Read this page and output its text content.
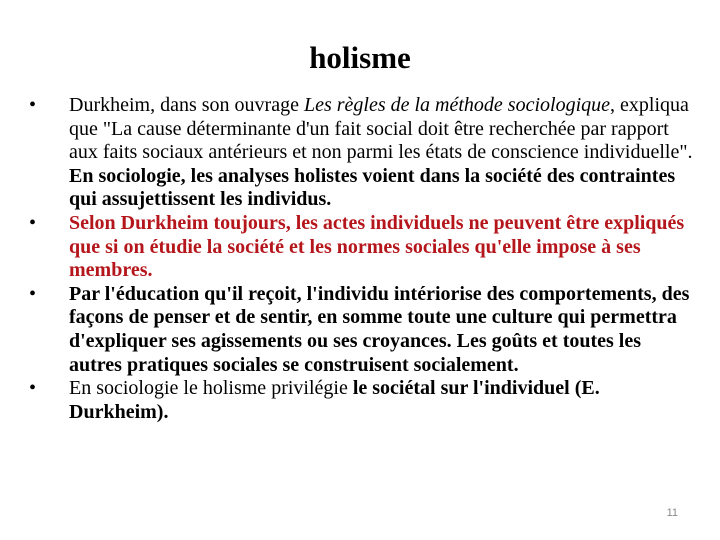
holisme
•	Durkheim, dans son ouvrage Les règles de la méthode sociologique, expliqua que "La cause déterminante d'un fait social doit être recherchée par rapport aux faits sociaux antérieurs et non parmi les états de conscience individuelle". En sociologie, les analyses holistes voient dans la société des contraintes qui assujettissent les individus.
•	Selon Durkheim toujours, les actes individuels ne peuvent être expliqués que si on étudie la société et les normes sociales qu'elle impose à ses membres.
•	Par l'éducation qu'il reçoit, l'individu intériorise des comportements, des façons de penser et de sentir, en somme toute une culture qui permettra d'expliquer ses agissements ou ses croyances. Les goûts et toutes les autres pratiques sociales se construisent socialement.
•	En sociologie le holisme privilégie le sociétal sur l'individuel (E. Durkheim).
11
